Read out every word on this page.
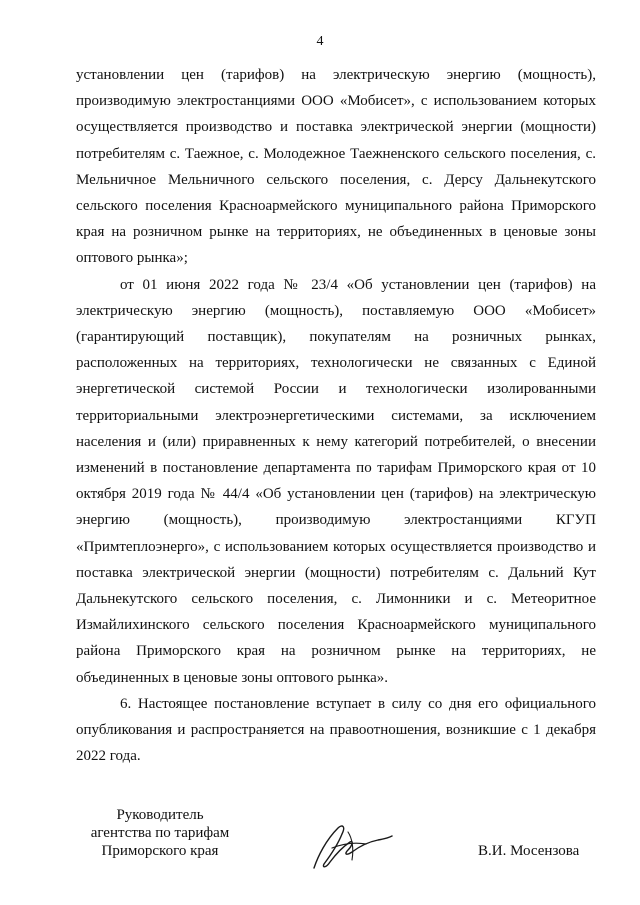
4

установлении цен (тарифов) на электрическую энергию (мощность), производимую электростанциями ООО «Мобисет», с использованием которых осуществляется производство и поставка электрической энергии (мощности) потребителям с. Таежное, с. Молодежное Таежненского сельского поселения, с. Мельничное Мельничного сельского поселения, с. Дерсу Дальнекутского сельского поселения Красноармейского муниципального района Приморского края на розничном рынке на территориях, не объединенных в ценовые зоны оптового рынка»;

от 01 июня 2022 года № 23/4 «Об установлении цен (тарифов) на электрическую энергию (мощность), поставляемую ООО «Мобисет» (гарантирующий поставщик), покупателям на розничных рынках, расположенных на территориях, технологически не связанных с Единой энергетической системой России и технологически изолированными территориальными электроэнергетическими системами, за исключением населения и (или) приравненных к нему категорий потребителей, о внесении изменений в постановление департамента по тарифам Приморского края от 10 октября 2019 года № 44/4 «Об установлении цен (тарифов) на электрическую энергию (мощность), производимую электростанциями КГУП «Примтеплоэнерго», с использованием которых осуществляется производство и поставка электрической энергии (мощности) потребителям с. Дальний Кут Дальнекутского сельского поселения, с. Лимонники и с. Метеоритное Измайлихинского сельского поселения Красноармейского муниципального района Приморского края на розничном рынке на территориях, не объединенных в ценовые зоны оптового рынка».

6. Настоящее постановление вступает в силу со дня его официального опубликования и распространяется на правоотношения, возникшие с 1 декабря 2022 года.

Руководитель
агентства по тарифам
Приморского края	В.И. Мосензова
